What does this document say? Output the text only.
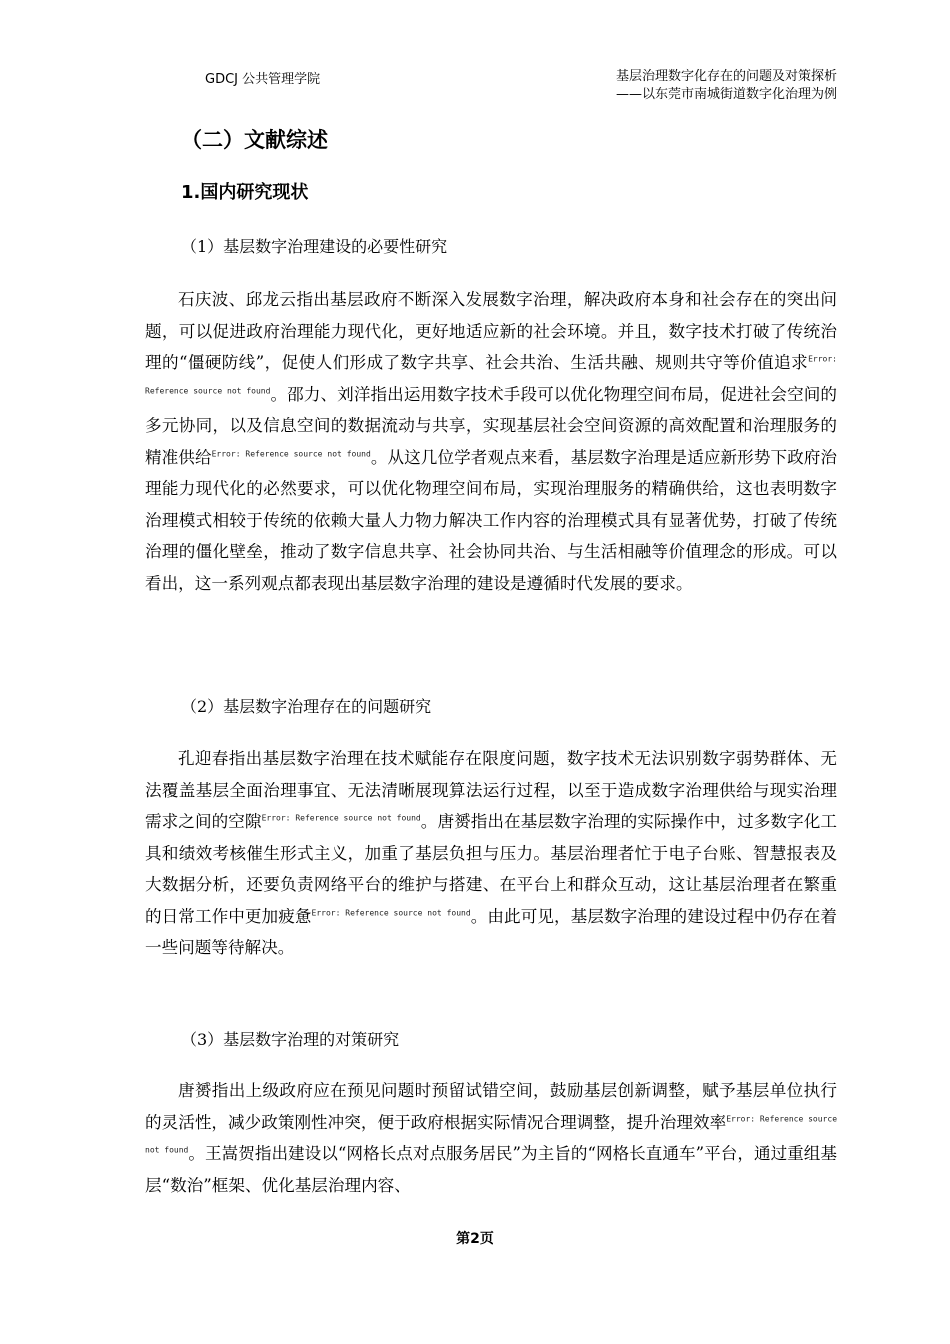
GDCJ 公共管理学院	基层治理数字化存在的问题及对策探析
——以东莞市南城街道数字化治理为例
（二）文献综述
1.国内研究现状
（1）基层数字治理建设的必要性研究

石庆波、邱龙云指出基层政府不断深入发展数字治理，解决政府本身和社会存在的突出问题，可以促进政府治理能力现代化，更好地适应新的社会环境。并且，数字技术打破了传统治理的“僵硬防线”，促使人们形成了数字共享、社会共治、生活共融、规则共守等价值追求$^{Error: Reference source not found}$。邵力、刘洋指出运用数字技术手段可以优化物理空间布局，促进社会空间的多元协同，以及信息空间的数据流动与共享，实现基层社会空间资源的高效配置和治理服务的精准供给$^{Error: Reference source not found}$。从这几位学者观点来看，基层数字治理是适应新形势下政府治理能力现代化的必然要求，可以优化物理空间布局，实现治理服务的精确供给，这也表明数字治理模式相较于传统的依赖大量人力物力解决工作内容的治理模式具有显著优势，打破了传统治理的僵化壁垒，推动了数字信息共享、社会协同共治、与生活相融等价值理念的形成。可以看出，这一系列观点都表现出基层数字治理的建设是遵循时代发展的要求。

（2）基层数字治理存在的问题研究

孔迎春指出基层数字治理在技术赋能存在限度问题，数字技术无法识别数字弱势群体、无法覆盖基层全面治理事宜、无法清晰展现算法运行过程，以至于造成数字治理供给与现实治理需求之间的空隙$^{Error: Reference source not found}$。唐赟指出在基层数字治理的实际操作中，过多数字化工具和绩效考核催生形式主义，加重了基层负担与压力。基层治理者忙于电子台账、智慧报表及大数据分析，还要负责网络平台的维护与搭建、在平台上和群众互动，这让基层治理者在繁重的日常工作中更加疲惫$^{Error: Reference source not found}$。由此可见，基层数字治理的建设过程中仍存在着一些问题等待解决。

（3）基层数字治理的对策研究

唐赟指出上级政府应在预见问题时预留试错空间，鼓励基层创新调整，赋予基层单位执行的灵活性，减少政策刚性冲突，便于政府根据实际情况合理调整，提升治理效率$^{Error: Reference source not found}$。王嵩贺指出建设以“网格长点对点服务居民”为主旨的“网格长直通车”平台，通过重组基层“数治”框架、优化基层治理内容、

第2页
